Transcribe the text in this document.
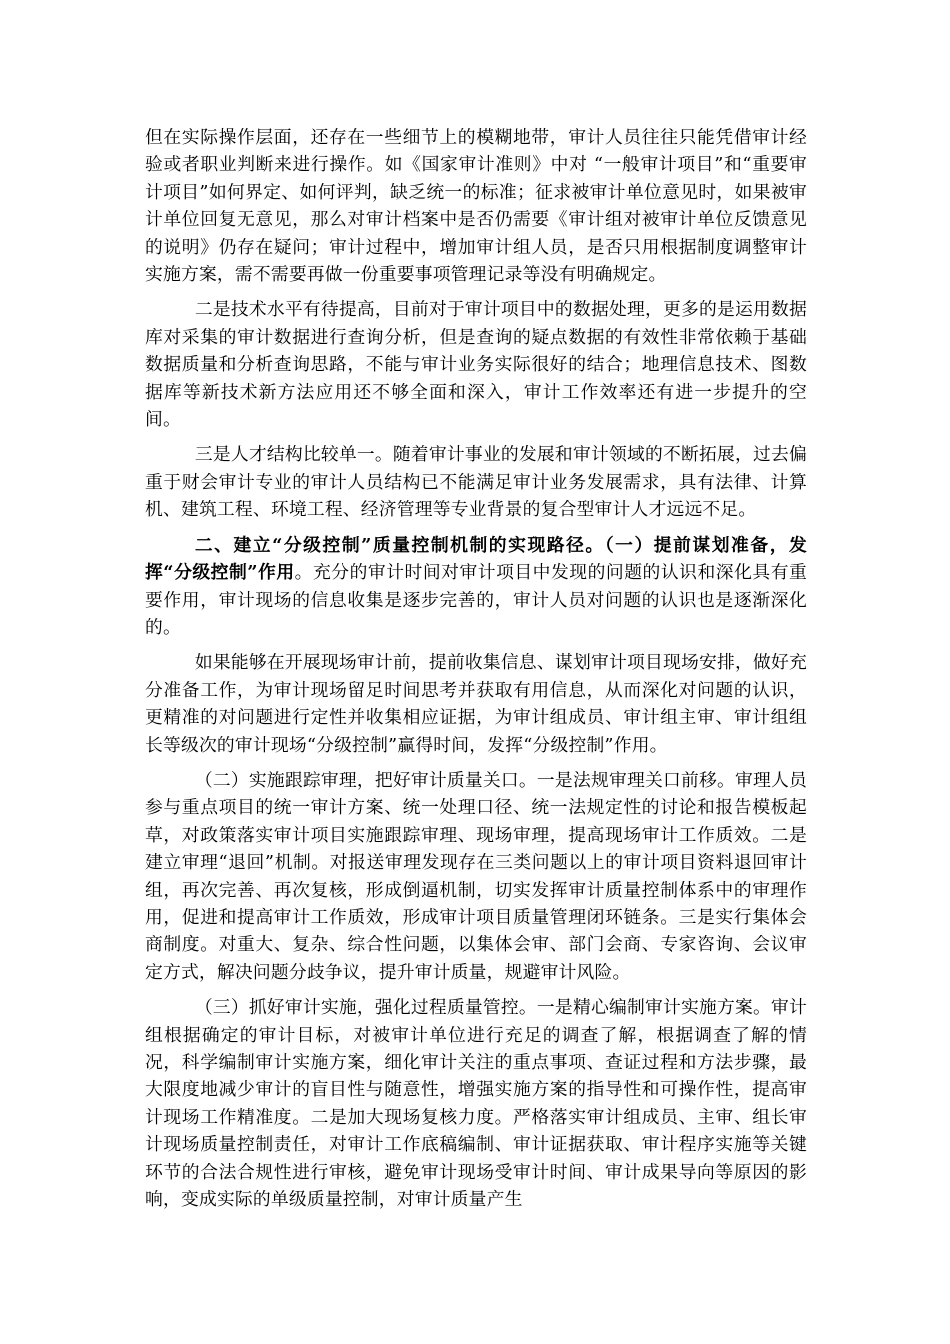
但在实际操作层面，还存在一些细节上的模糊地带，审计人员往往只能凭借审计经验或者职业判断来进行操作。如《国家审计准则》中对 “一般审计项目”和“重要审计项目”如何界定、如何评判，缺乏统一的标准；征求被审计单位意见时，如果被审计单位回复无意见，那么对审计档案中是否仍需要《审计组对被审计单位反馈意见的说明》仍存在疑问；审计过程中，增加审计组人员，是否只用根据制度调整审计实施方案，需不需要再做一份重要事项管理记录等没有明确规定。

二是技术水平有待提高，目前对于审计项目中的数据处理，更多的是运用数据库对采集的审计数据进行查询分析，但是查询的疑点数据的有效性非常依赖于基础数据质量和分析查询思路，不能与审计业务实际很好的结合；地理信息技术、图数据库等新技术新方法应用还不够全面和深入，审计工作效率还有进一步提升的空间。

三是人才结构比较单一。随着审计事业的发展和审计领域的不断拓展，过去偏重于财会审计专业的审计人员结构已不能满足审计业务发展需求，具有法律、计算机、建筑工程、环境工程、经济管理等专业背景的复合型审计人才远远不足。

二、建立“分级控制”质量控制机制的实现路径。（一）提前谋划准备，发挥“分级控制”作用。充分的审计时间对审计项目中发现的问题的认识和深化具有重要作用，审计现场的信息收集是逐步完善的，审计人员对问题的认识也是逐渐深化的。

如果能够在开展现场审计前，提前收集信息、谋划审计项目现场安排，做好充分准备工作，为审计现场留足时间思考并获取有用信息，从而深化对问题的认识，更精准的对问题进行定性并收集相应证据，为审计组成员、审计组主审、审计组组长等级次的审计现场“分级控制”赢得时间，发挥“分级控制”作用。

（二）实施跟踪审理，把好审计质量关口。一是法规审理关口前移。审理人员参与重点项目的统一审计方案、统一处理口径、统一法规定性的讨论和报告模板起草，对政策落实审计项目实施跟踪审理、现场审理，提高现场审计工作质效。二是建立审理“退回”机制。对报送审理发现存在三类问题以上的审计项目资料退回审计组，再次完善、再次复核，形成倒逼机制，切实发挥审计质量控制体系中的审理作用，促进和提高审计工作质效，形成审计项目质量管理闭环链条。三是实行集体会商制度。对重大、复杂、综合性问题，以集体会审、部门会商、专家咨询、会议审定方式，解决问题分歧争议，提升审计质量，规避审计风险。

（三）抓好审计实施，强化过程质量管控。一是精心编制审计实施方案。审计组根据确定的审计目标，对被审计单位进行充足的调查了解，根据调查了解的情况，科学编制审计实施方案，细化审计关注的重点事项、查证过程和方法步骤，最大限度地减少审计的盲目性与随意性，增强实施方案的指导性和可操作性，提高审计现场工作精准度。二是加大现场复核力度。严格落实审计组成员、主审、组长审计现场质量控制责任，对审计工作底稿编制、审计证据获取、审计程序实施等关键环节的合法合规性进行审核，避免审计现场受审计时间、审计成果导向等原因的影响，变成实际的单级质量控制，对审计质量产生
